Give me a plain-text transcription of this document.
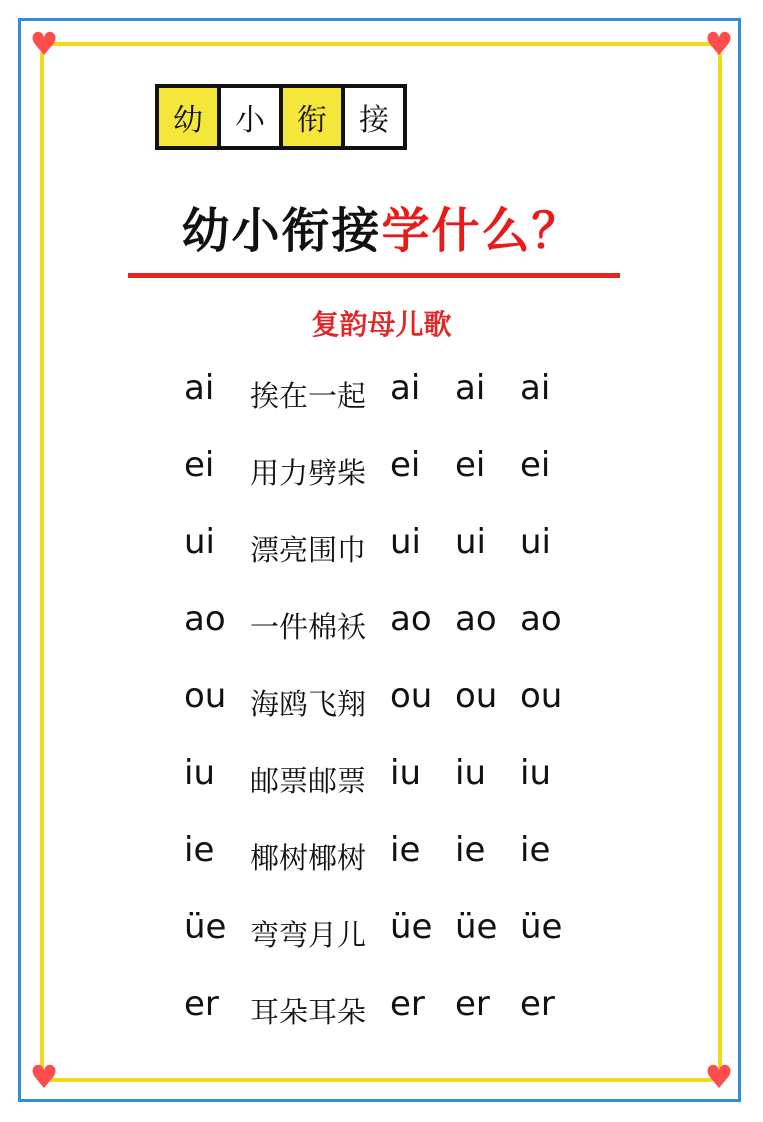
♥	♥
♥	♥
幼	小	衔	接
幼小衔接学什么？
复韵母儿歌
ai 挨在一起 ai ai ai
ei 用力劈柴 ei ei ei
ui 漂亮围巾 ui ui ui
ao 一件棉袄 ao ao ao
ou 海鸥飞翔 ou ou ou
iu 邮票邮票 iu iu iu
ie 椰树椰树 ie ie ie
üe 弯弯月儿 üe üe üe
er 耳朵耳朵 er er er
